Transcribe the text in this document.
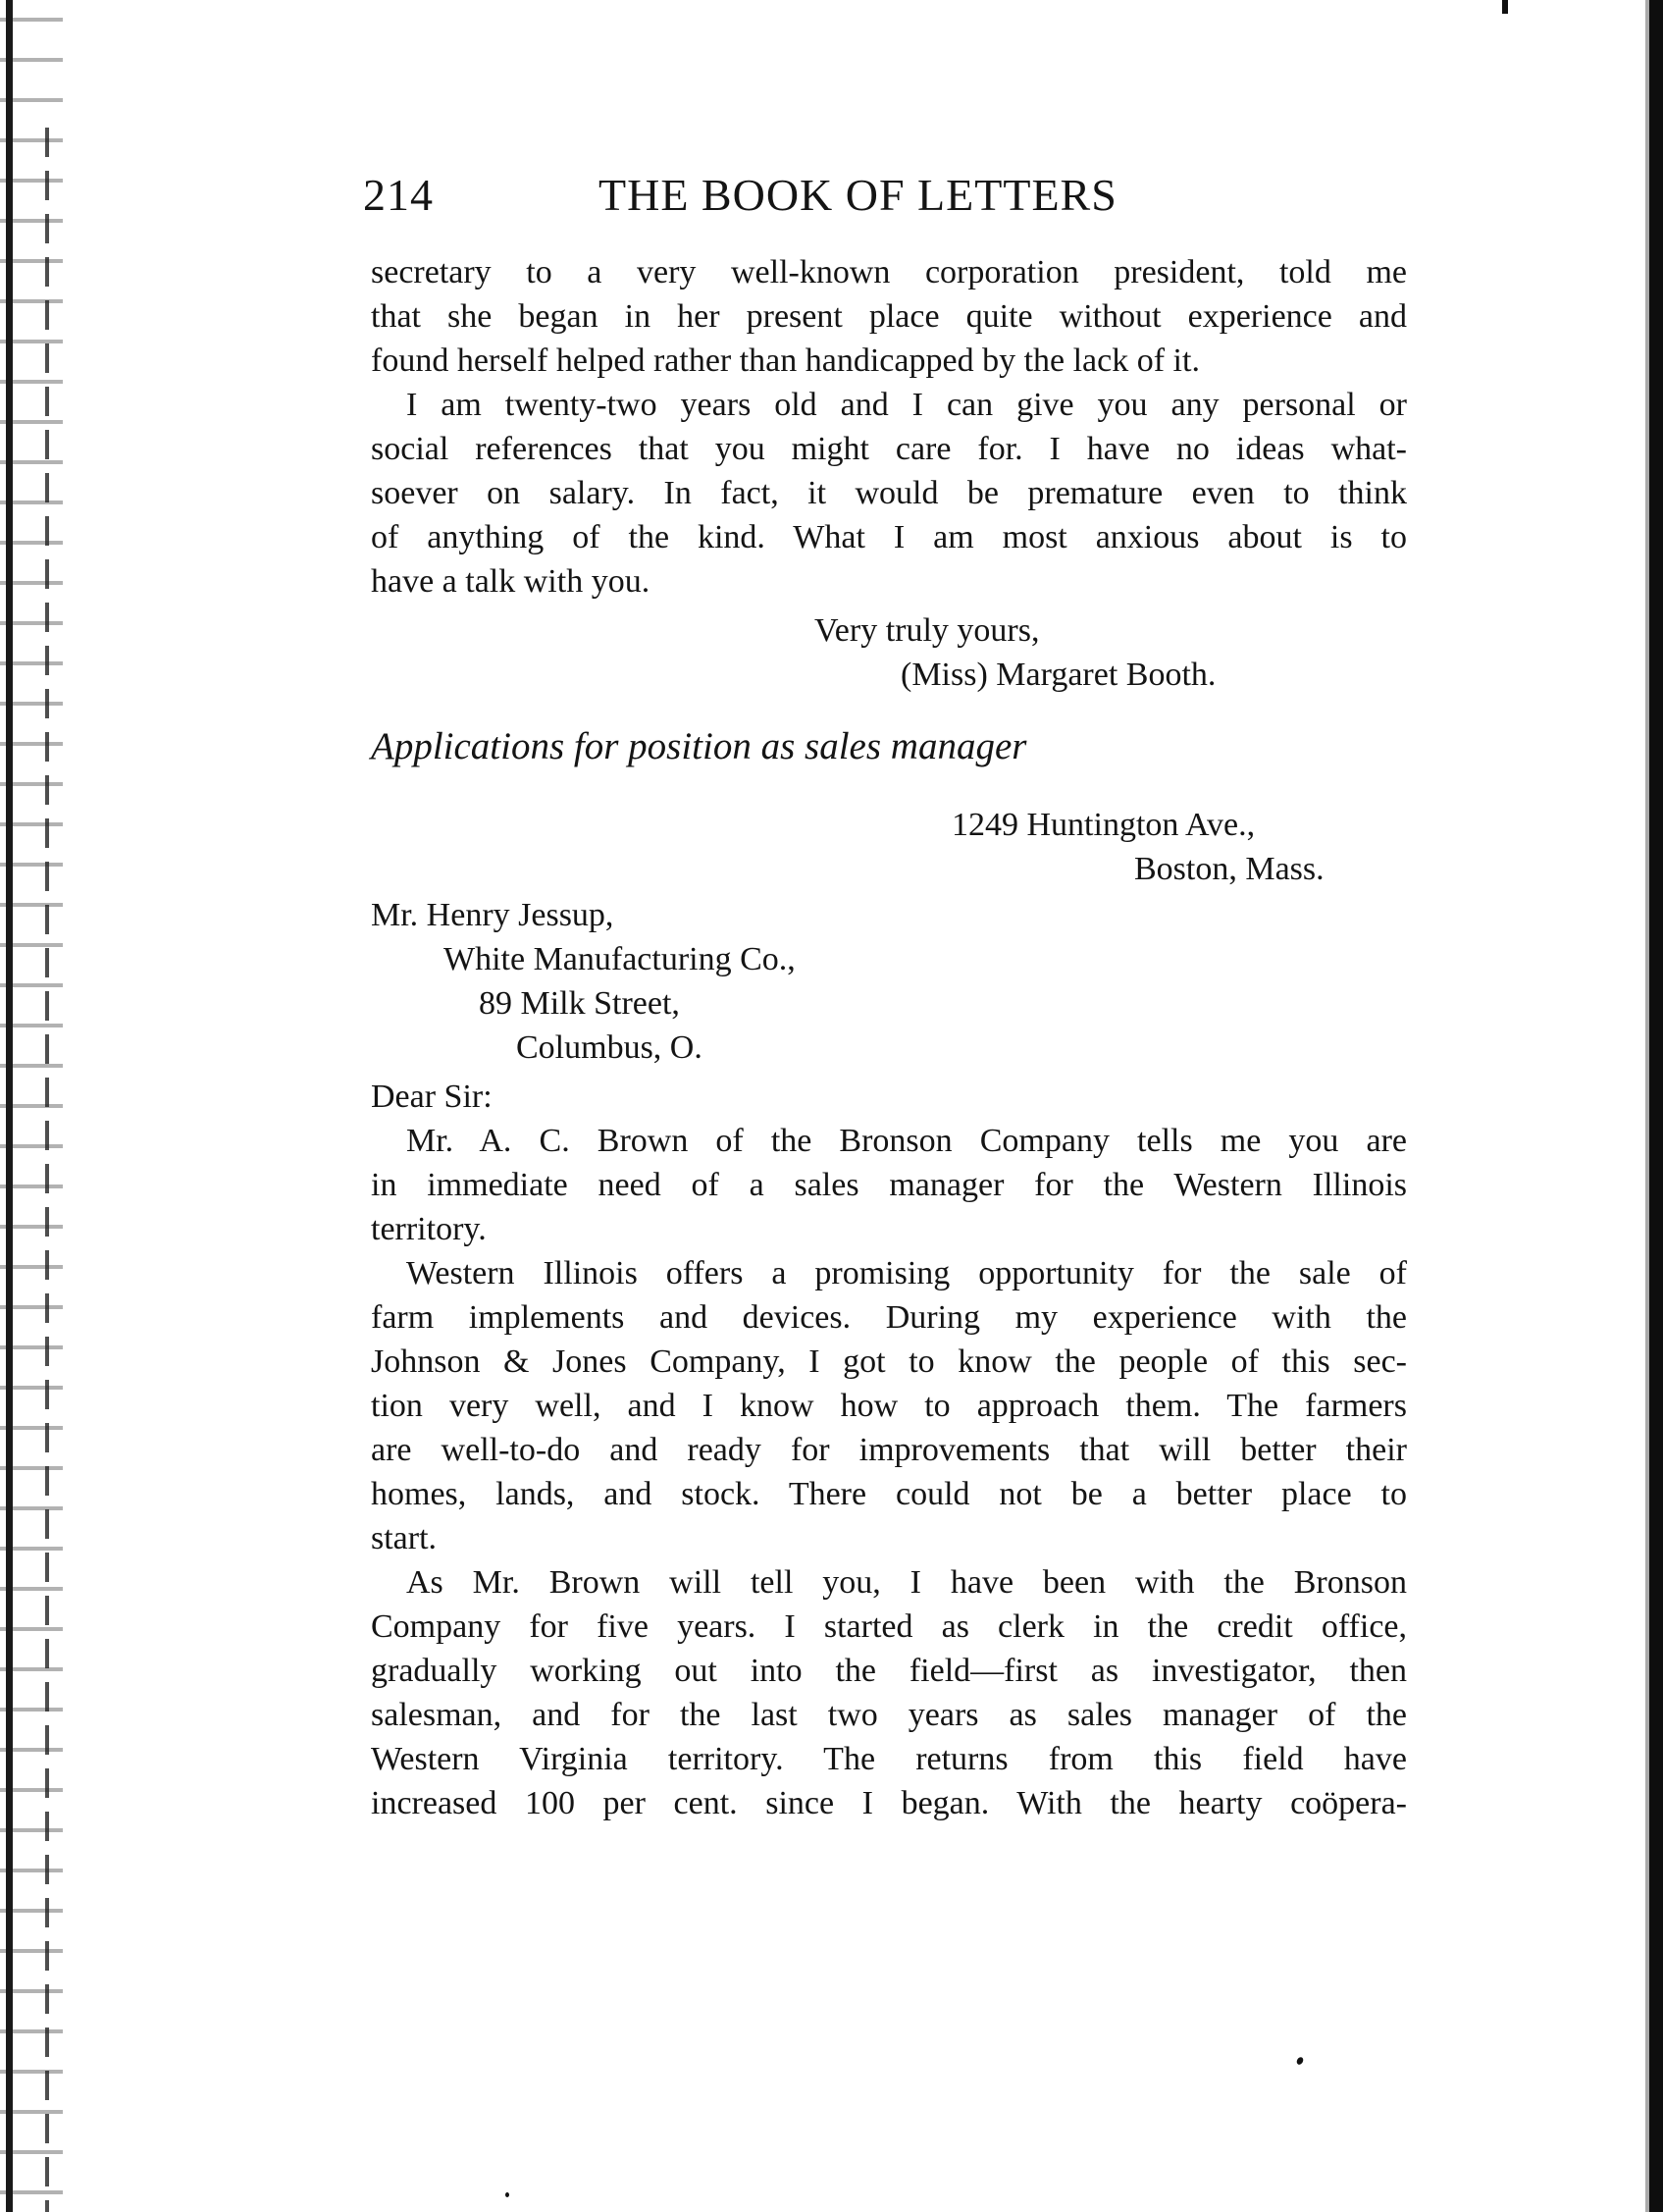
214	THE BOOK OF LETTERS
secretary to a very well-known corporation president, told me
that she began in her present place quite without experience and
found herself helped rather than handicapped by the lack of it.
I am twenty-two years old and I can give you any personal or
social references that you might care for. I have no ideas what-
soever on salary. In fact, it would be premature even to think
of anything of the kind. What I am most anxious about is to
have a talk with you.
Very truly yours,
(Miss) Margaret Booth.
Applications for position as sales manager
1249 Huntington Ave.,
Boston, Mass.
Mr. Henry Jessup,
White Manufacturing Co.,
89 Milk Street,
Columbus, O.
Dear Sir:
Mr. A. C. Brown of the Bronson Company tells me you are
in immediate need of a sales manager for the Western Illinois
territory.
Western Illinois offers a promising opportunity for the sale of
farm implements and devices. During my experience with the
Johnson & Jones Company, I got to know the people of this sec-
tion very well, and I know how to approach them. The farmers
are well-to-do and ready for improvements that will better their
homes, lands, and stock. There could not be a better place to
start.
As Mr. Brown will tell you, I have been with the Bronson
Company for five years. I started as clerk in the credit office,
gradually working out into the field—first as investigator, then
salesman, and for the last two years as sales manager of the
Western Virginia territory. The returns from this field have
increased 100 per cent. since I began. With the hearty coöpera-
